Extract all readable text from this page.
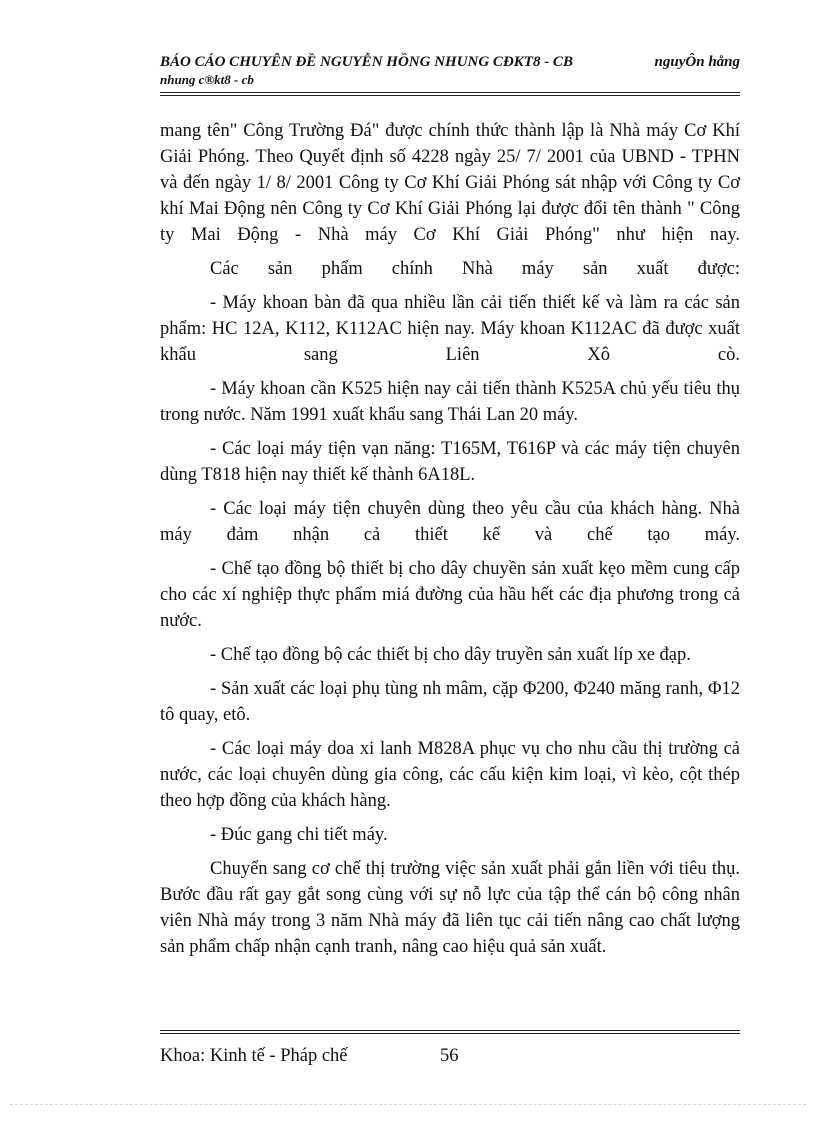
BÁO CÁO CHUYÊN ĐỀ NGUYỄN HỒNG NHUNG CĐKT8 - CB	nguyÔn hång
nhung c®kt8 - cb

mang tên" Công Trường Đá" được chính thức thành lập là Nhà máy Cơ Khí Giải Phóng. Theo Quyết định số 4228 ngày 25/ 7/ 2001 của UBND - TPHN và đến ngày 1/ 8/ 2001 Công ty Cơ Khí Giải Phóng sát nhập với Công ty Cơ khí Mai Động nên Công ty Cơ Khí Giải Phóng lại được đổi tên thành " Công ty Mai Động - Nhà máy Cơ Khí Giải Phóng" như hiện nay.

Các sản phẩm chính Nhà máy sản xuất được:

- Máy khoan bàn đã qua nhiều lần cải tiến thiết kế và làm ra các sản phẩm: HC 12A, K112, K112AC hiện nay. Máy khoan K112AC đã được xuất khẩu sang Liên Xô cò.

- Máy khoan cần K525 hiện nay cải tiến thành K525A chủ yếu tiêu thụ trong nước. Năm 1991 xuất khẩu sang Thái Lan 20 máy.

- Các loại máy tiện vạn năng: T165M, T616P và các máy tiện chuyên dùng T818 hiện nay thiết kế thành 6A18L.

- Các loại máy tiện chuyên dùng theo yêu cầu của khách hàng. Nhà máy đảm nhận cả thiết kế và chế tạo máy.

- Chế tạo đồng bộ thiết bị cho dây chuyền sản xuất kẹo mềm cung cấp cho các xí nghiệp thực phẩm miá đường của hầu hết các địa phương trong cả nước.

- Chế tạo đồng bộ các thiết bị cho dây truyền sản xuất líp xe đạp.

- Sản xuất các loại phụ tùng nh mâm, cặp Φ200, Φ240 măng ranh, Φ12 tô quay, etô.

- Các loại máy doa xi lanh M828A phục vụ cho nhu cầu thị trường cả nước, các loại chuyên dùng gia công, các cấu kiện kim loại, vì kèo, cột thép theo hợp đồng của khách hàng.

- Đúc gang chi tiết máy.

Chuyển sang cơ chế thị trường việc sản xuất phải gắn liền với tiêu thụ. Bước đầu rất gay gắt song cùng với sự nỗ lực của tập thể cán bộ công nhân viên Nhà máy trong 3 năm Nhà máy đã liên tục cải tiến nâng cao chất lượng sản phẩm chấp nhận cạnh tranh, nâng cao hiệu quả sản xuất.

Khoa: Kinh tế - Pháp chế	56
